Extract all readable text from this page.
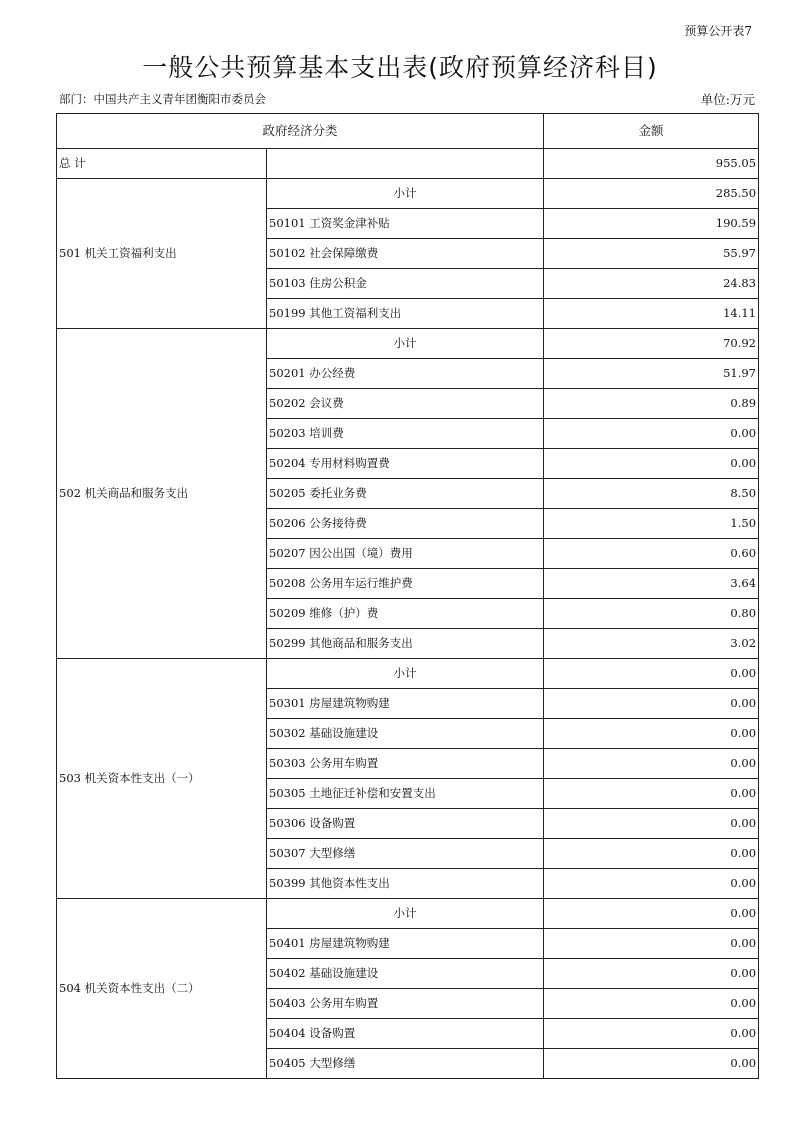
预算公开表7
一般公共预算基本支出表(政府预算经济科目)
部门：中国共产主义青年团衡阳市委员会	单位:万元
政府经济分类		金额
总 计		955.05
501 机关工资福利支出	小计	285.50
	50101 工资奖金津补贴	190.59
	50102 社会保障缴费	55.97
	50103 住房公积金	24.83
	50199 其他工资福利支出	14.11
502 机关商品和服务支出	小计	70.92
	50201 办公经费	51.97
	50202 会议费	0.89
	50203 培训费	0.00
	50204 专用材料购置费	0.00
	50205 委托业务费	8.50
	50206 公务接待费	1.50
	50207 因公出国（境）费用	0.60
	50208 公务用车运行维护费	3.64
	50209 维修（护）费	0.80
	50299 其他商品和服务支出	3.02
503 机关资本性支出（一）	小计	0.00
	50301 房屋建筑物购建	0.00
	50302 基础设施建设	0.00
	50303 公务用车购置	0.00
	50305 土地征迁补偿和安置支出	0.00
	50306 设备购置	0.00
	50307 大型修缮	0.00
	50399 其他资本性支出	0.00
504 机关资本性支出（二）	小计	0.00
	50401 房屋建筑物购建	0.00
	50402 基础设施建设	0.00
	50403 公务用车购置	0.00
	50404 设备购置	0.00
	50405 大型修缮	0.00
